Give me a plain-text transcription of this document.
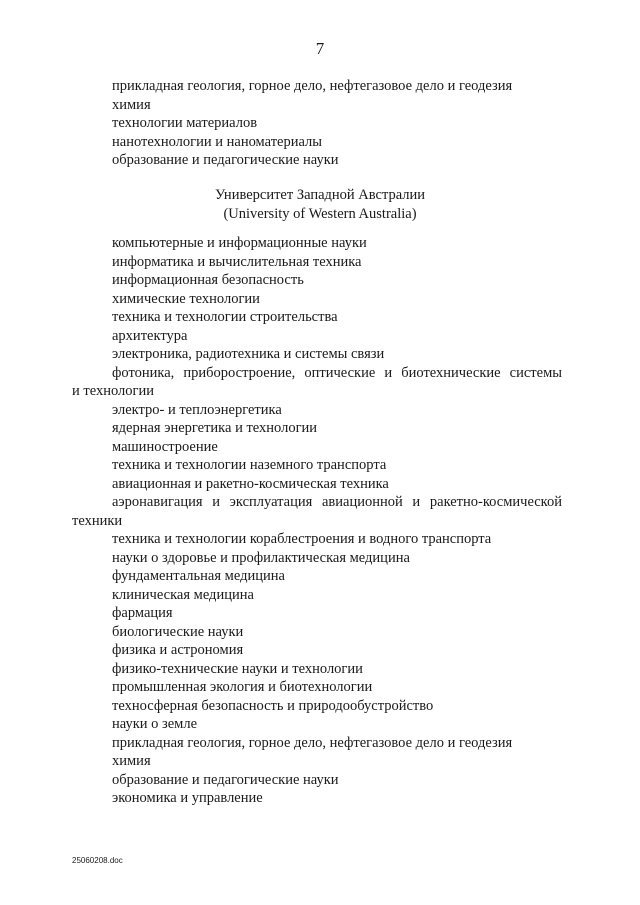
7
прикладная геология, горное дело, нефтегазовое дело и геодезия
химия
технологии материалов
нанотехнологии и наноматериалы
образование и педагогические науки
Университет Западной Австралии
(University of Western Australia)
компьютерные и информационные науки
информатика и вычислительная техника
информационная безопасность
химические технологии
техника и технологии строительства
архитектура
электроника, радиотехника и системы связи
фотоника, приборостроение, оптические и биотехнические системы
и технологии
электро- и теплоэнергетика
ядерная энергетика и технологии
машиностроение
техника и технологии наземного транспорта
авиационная и ракетно-космическая техника
аэронавигация и эксплуатация авиационной и ракетно-космической
техники
техника и технологии кораблестроения и водного транспорта
науки о здоровье и профилактическая медицина
фундаментальная медицина
клиническая медицина
фармация
биологические науки
физика и астрономия
физико-технические науки и технологии
промышленная экология и биотехнологии
техносферная безопасность и природообустройство
науки о земле
прикладная геология, горное дело, нефтегазовое дело и геодезия
химия
образование и педагогические науки
экономика и управление
25060208.doc
